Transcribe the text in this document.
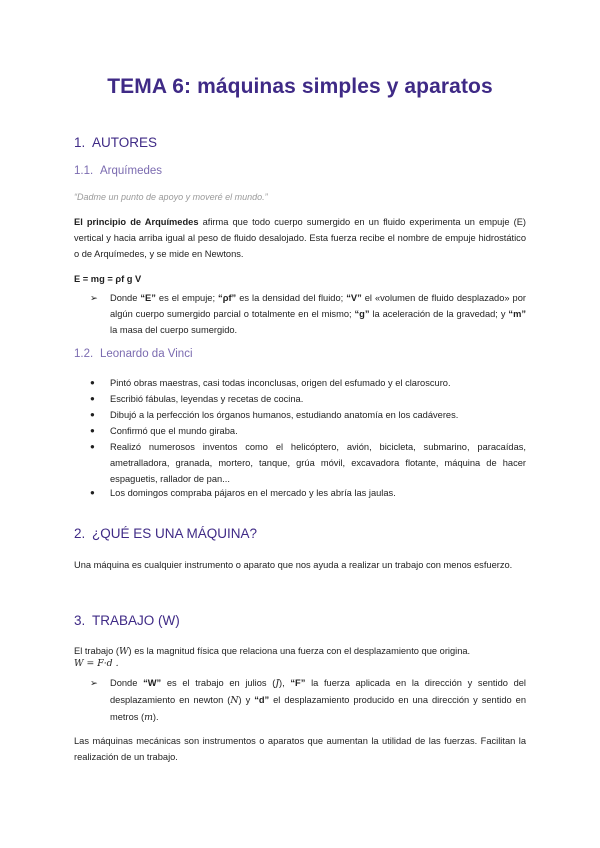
TEMA 6: máquinas simples y aparatos
1. AUTORES
1.1. Arquímedes
“Dadme un punto de apoyo y moveré el mundo.”
El principio de Arquímedes afirma que todo cuerpo sumergido en un fluido experimenta un empuje (E) vertical y hacia arriba igual al peso de fluido desalojado. Esta fuerza recibe el nombre de empuje hidrostático o de Arquímedes, y se mide en Newtons.
E = mg = ρf g V
➢ Donde “E” es el empuje; “ρf” es la densidad del fluido; “V” el «volumen de fluido desplazado» por algún cuerpo sumergido parcial o totalmente en el mismo; “g” la aceleración de la gravedad; y “m” la masa del cuerpo sumergido.
1.2. Leonardo da Vinci
● Pintó obras maestras, casi todas inconclusas, origen del esfumado y el claroscuro.
● Escribió fábulas, leyendas y recetas de cocina.
● Dibujó a la perfección los órganos humanos, estudiando anatomía en los cadáveres.
● Confirmó que el mundo giraba.
● Realizó numerosos inventos como el helicóptero, avión, bicicleta, submarino, paracaídas, ametralladora, granada, mortero, tanque, grúa móvil, excavadora flotante, máquina de hacer espaguetis, rallador de pan...
● Los domingos compraba pájaros en el mercado y les abría las jaulas.
2. ¿QUÉ ES UNA MÁQUINA?
Una máquina es cualquier instrumento o aparato que nos ayuda a realizar un trabajo con menos esfuerzo.
3. TRABAJO (W)
El trabajo (W) es la magnitud física que relaciona una fuerza con el desplazamiento que origina.
W = F·d .
➢ Donde “W” es el trabajo en julios (J), “F” la fuerza aplicada en la dirección y sentido del desplazamiento en newton (N) y “d” el desplazamiento producido en una dirección y sentido en metros (m).
Las máquinas mecánicas son instrumentos o aparatos que aumentan la utilidad de las fuerzas. Facilitan la realización de un trabajo.
